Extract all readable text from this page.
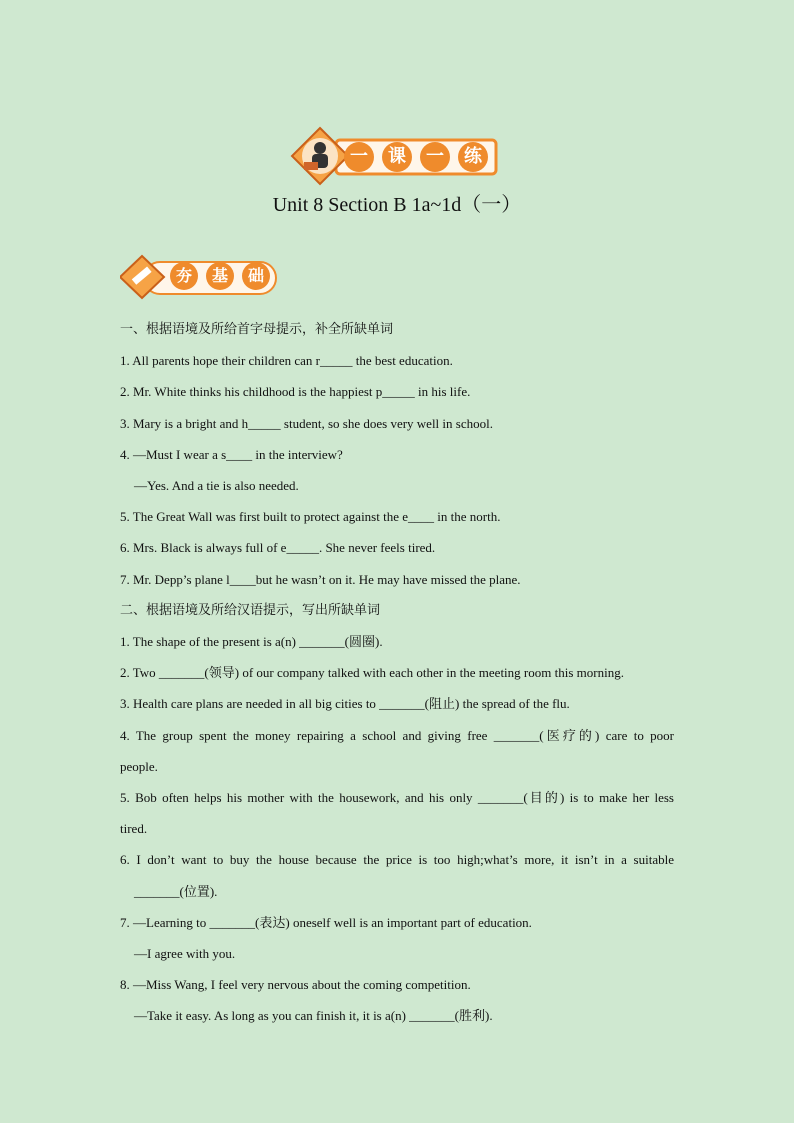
一	课	一	练
Unit 8 Section B 1a~1d（一）
夯	基	础
一、根据语境及所给首字母提示，补全所缺单词
1. All parents hope their children can r_____ the best education.
2. Mr. White thinks his childhood is the happiest p_____ in his life.
3. Mary is a bright and h_____ student, so she does very well in school.
4. —Must I wear a s____ in the interview?
—Yes. And a tie is also needed.
5. The Great Wall was first built to protect against the e____ in the north.
6. Mrs. Black is always full of e_____. She never feels tired.
7. Mr. Depp’s plane l____but he wasn’t on it. He may have missed the plane.
二、根据语境及所给汉语提示，写出所缺单词
1. The shape of the present is a(n) _______(圆圈).
2. Two _______(领导) of our company talked with each other in the meeting room this morning.
3. Health care plans are needed in all big cities to _______(阻止) the spread of the flu.
4. The group spent the money repairing a school and giving free _______(医疗的) care to poor
people.
5. Bob often helps his mother with the housework, and his only _______(目的) is to make her less
tired.
6. I don’t want to buy the house because the price is too high;what’s more, it isn’t in a suitable
_______(位置).
7. —Learning to _______(表达) oneself well is an important part of education.
—I agree with you.
8. —Miss Wang, I feel very nervous about the coming competition.
—Take it easy. As long as you can finish it, it is a(n) _______(胜利).
